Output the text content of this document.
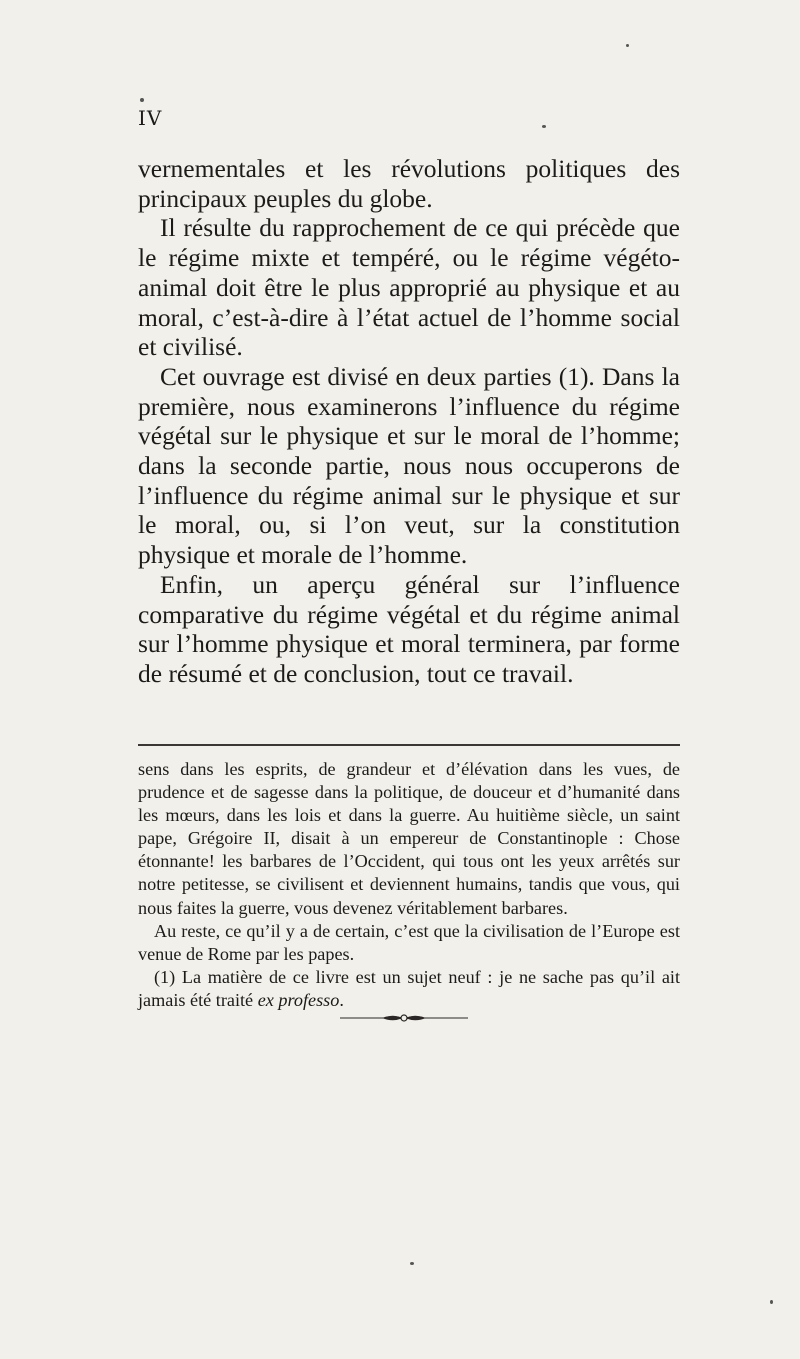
IV

vernementales et les révolutions politiques des principaux peuples du globe.

Il résulte du rapprochement de ce qui précède que le régime mixte et tempéré, ou le régime végéto-animal doit être le plus approprié au physique et au moral, c’est-à-dire à l’état actuel de l’homme social et civilisé.

Cet ouvrage est divisé en deux parties (1). Dans la première, nous examinerons l’influence du régime végétal sur le physique et sur le moral de l’homme; dans la seconde partie, nous nous occuperons de l’influence du régime animal sur le physique et sur le moral, ou, si l’on veut, sur la constitution physique et morale de l’homme.

Enfin, un aperçu général sur l’influence comparative du régime végétal et du régime animal sur l’homme physique et moral terminera, par forme de résumé et de conclusion, tout ce travail.

sens dans les esprits, de grandeur et d’élévation dans les vues, de prudence et de sagesse dans la politique, de douceur et d’humanité dans les mœurs, dans les lois et dans la guerre. Au huitième siècle, un saint pape, Grégoire II, disait à un empereur de Constantinople : Chose étonnante! les barbares de l’Occident, qui tous ont les yeux arrêtés sur notre petitesse, se civilisent et deviennent humains, tandis que vous, qui nous faites la guerre, vous devenez véritablement barbares.

Au reste, ce qu’il y a de certain, c’est que la civilisation de l’Europe est venue de Rome par les papes.

(1) La matière de ce livre est un sujet neuf : je ne sache pas qu’il ait jamais été traité ex professo.
